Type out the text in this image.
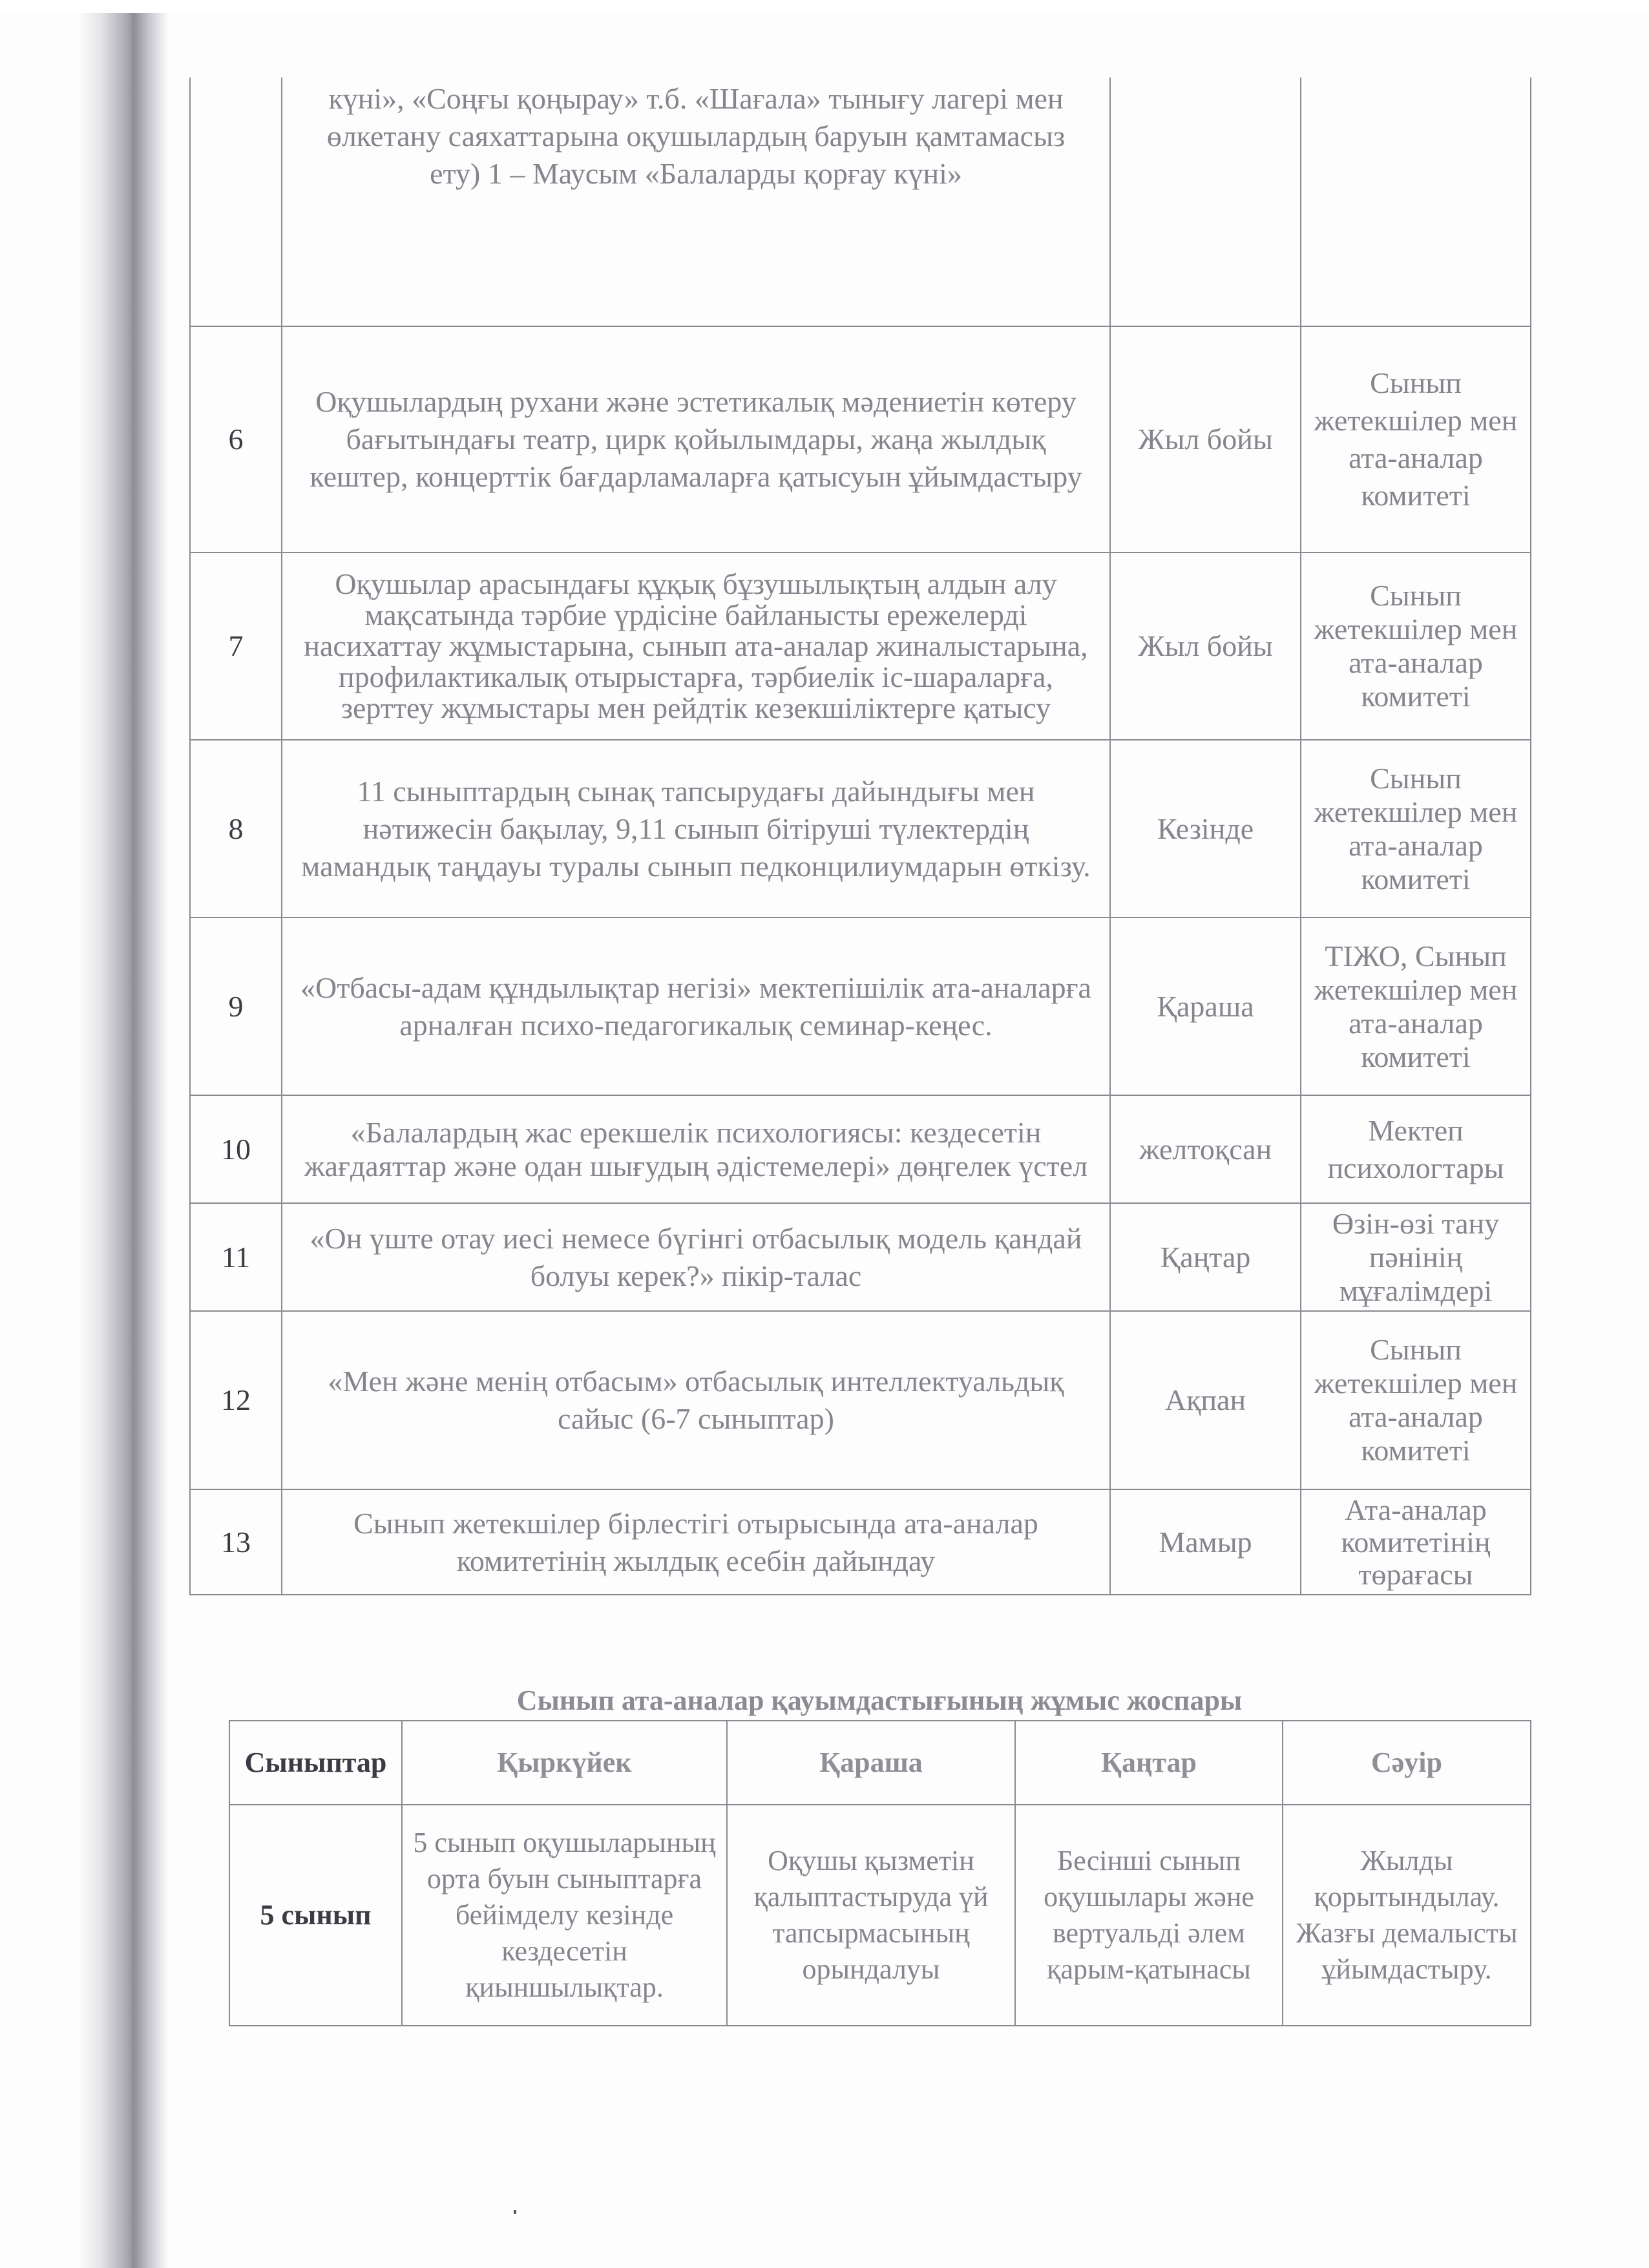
	күні», «Соңғы қоңырау» т.б. «Шағала» тынығу лагері мен өлкетану саяхаттарына оқушылардың баруын қамтамасыз ету) 1 – Маусым «Балаларды қорғау күні»		

6	Оқушылардың рухани және эстетикалық мәдениетін көтеру бағытындағы театр, цирк қойылымдары, жаңа жылдық кештер, концерттік бағдарламаларға қатысуын ұйымдастыру	Жыл бойы	Сынып жетекшілер мен ата-аналар комитеті
7	Оқушылар арасындағы құқық бұзушылықтың алдын алу мақсатында тәрбие үрдісіне байланысты ережелерді насихаттау жұмыстарына, сынып ата-аналар жиналыстарына, профилактикалық отырыстарға, тәрбиелік іс-шараларға, зерттеу жұмыстары мен рейдтік кезекшіліктерге қатысу	Жыл бойы	Сынып жетекшілер мен ата-аналар комитеті
8	11 сыныптардың сынақ тапсырудағы дайындығы мен нәтижесін бақылау, 9,11 сынып бітіруші түлектердің мамандық таңдауы туралы сынып педконцилиумдарын өткізу.	Кезінде	Сынып жетекшілер мен ата-аналар комитеті
9	«Отбасы-адам құндылықтар негізі» мектепішілік ата-аналарға арналған психо-педагогикалық семинар-кеңес.	Қараша	ТІЖО, Сынып жетекшілер мен ата-аналар комитеті
10	«Балалардың жас ерекшелік психологиясы: кездесетін жағдаяттар және одан шығудың әдістемелері» дөңгелек үстел	желтоқсан	Мектеп психологтары
11	«Он үште отау иесі немесе бүгінгі отбасылық модель қандай болуы керек?» пікір-талас	Қаңтар	Өзін-өзі тану пәнінің мұғалімдері
12	«Мен және менің отбасым» отбасылық интеллектуальдық сайыс (6-7 сыныптар)	Ақпан	Сынып жетекшілер мен ата-аналар комитеті
13	Сынып жетекшілер бірлестігі отырысында ата-аналар комитетінің жылдық есебін дайындау	Мамыр	Ата-аналар комитетінің төрағасы
Сынып ата-аналар қауымдастығының жұмыс жоспары
Сыныптар	Қыркүйек	Қараша	Қаңтар	Сәуір
5 сынып	5 сынып оқушыларының орта буын сыныптарға бейімделу кезінде кездесетін қиыншылықтар.	Оқушы қызметін қалыптастыруда үй тапсырмасының орындалуы	Бесінші сынып оқушылары және вертуальді әлем қарым-қатынасы	Жылды қорытындылау. Жазғы демалысты ұйымдастыру.
